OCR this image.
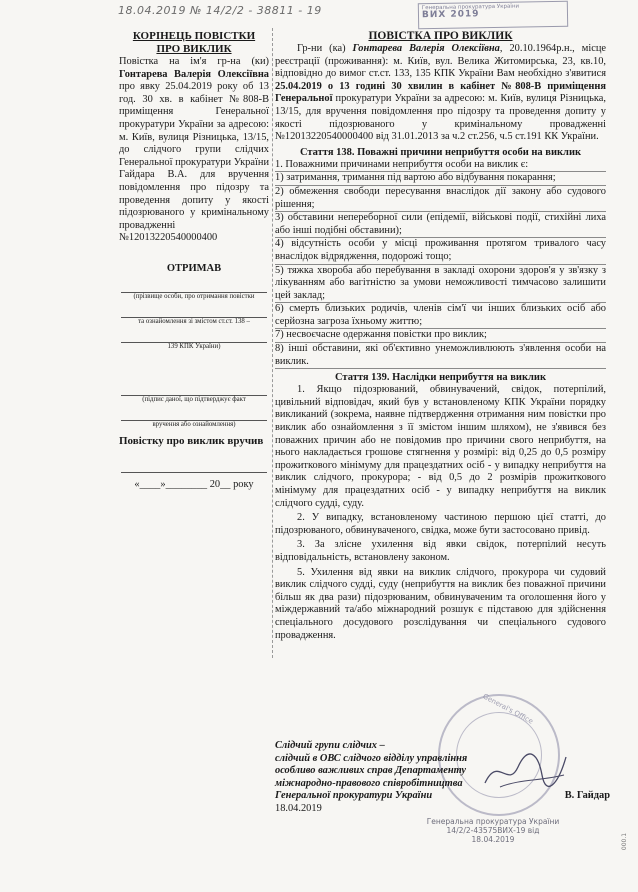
18.04.2019 № 14/2/2 - 38811 - 19	Генеральна прокуратура України
ВИХ 2019
КОРІНЕЦЬ ПОВІСТКИ
ПРО ВИКЛИК
Повістка на ім'я гр-на (ки) Гонтарева Валерія Олексіївна про явку 25.04.2019 року об 13 год. 30 хв. в кабінет №808-В приміщення Генеральної прокуратури України за адресою: м. Київ, вулиця Різницька, 13/15, до слідчого групи слідчих Генеральної прокуратури України Гайдара В.А. для вручення повідомлення про підозру та проведення допиту у якості підозрюваного у кримінальному провадженні №12013220540000400
ОТРИМАВ
(прізвище особи, про отримання повістки
та ознайомлення зі змістом ст.ст. 138 –
139 КПК України)
(підпис даної, що підтверджує факт
вручення або ознайомлення)
Повістку про виклик вручив
«____»________ 20__ року
ПОВІСТКА ПРО ВИКЛИК
Гр-ни (ка) Гонтарева Валерія Олексіївна, 20.10.1964р.н., місце реєстрації (проживання): м. Київ, вул. Велика Житомирська, 23, кв.10, відповідно до вимог ст.ст. 133, 135 КПК України Вам необхідно з'явитися 25.04.2019 о 13 годині 30 хвилин в кабінет №808-В приміщення Генеральної прокуратури України за адресою: м. Київ, вулиця Різницька, 13/15, для вручення повідомлення про підозру та проведення допиту у якості підозрюваного у кримінальному провадженні №12013220540000400 від 31.01.2013 за ч.2 ст.256, ч.5 ст.191 КК України.
Стаття 138. Поважні причини неприбуття особи на виклик
1. Поважними причинами неприбуття особи на виклик є:
1) затримання, тримання під вартою або відбування покарання;
2) обмеження свободи пересування внаслідок дії закону або судового рішення;
3) обставини непереборної сили (епідемії, військові події, стихійні лиха або інші подібні обставини);
4) відсутність особи у місці проживання протягом тривалого часу внаслідок відрядження, подорожі тощо;
5) тяжка хвороба або перебування в закладі охорони здоров'я у зв'язку з лікуванням або вагітністю за умови неможливості тимчасово залишити цей заклад;
6) смерть близьких родичів, членів сім'ї чи інших близьких осіб або серйозна загроза їхньому життю;
7) несвоєчасне одержання повістки про виклик;
8) інші обставини, які об'єктивно унеможливлюють з'явлення особи на виклик.
Стаття 139. Наслідки неприбуття на виклик
1. Якщо підозрюваний, обвинувачений, свідок, потерпілий, цивільний відповідач, який був у встановленому КПК України порядку викликаний (зокрема, наявне підтвердження отримання ним повістки про виклик або ознайомлення з її змістом іншим шляхом), не з'явився без поважних причин або не повідомив про причини свого неприбуття, на нього накладається грошове стягнення у розмірі: від 0,25 до 0,5 розміру прожиткового мінімуму для працездатних осіб - у випадку неприбуття на виклик слідчого, прокурора; - від 0,5 до 2 розмірів прожиткового мінімуму для працездатних осіб - у випадку неприбуття на виклик слідчого судді, суду.
2. У випадку, встановленому частиною першою цієї статті, до підозрюваного, обвинуваченого, свідка, може бути застосовано привід.
3. За злісне ухилення від явки свідок, потерпілий несуть відповідальність, встановлену законом.
5. Ухилення від явки на виклик слідчого, прокурора чи судовий виклик слідчого судді, суду (неприбуття на виклик без поважної причини більш як два рази) підозрюваним, обвинуваченим та оголошення його у міждержавний та/або міжнародний розшук є підставою для здійснення спеціального досудового розслідування чи спеціального судового провадження.
General's Office
Слідчий групи слідчих –
слідчий в ОВС слідчого відділу управління
особливо важливих справ Департаменту
міжнародно-правового співробітництва
Генеральної прокуратури України	В. Гайдар
18.04.2019
Генеральна прокуратура України
14/2/2-43575ВИХ-19 від
18.04.2019	000.1
